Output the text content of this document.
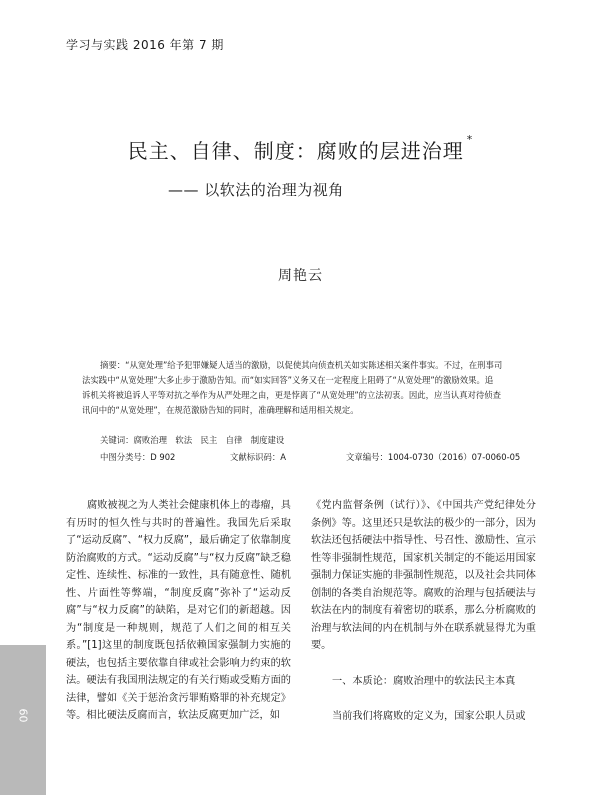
学习与实践 2016 年第 7 期
民主、自律、制度：腐败的层进治理 *
—— 以软法的治理为视角
周艳云
摘要：“从宽处理”给予犯罪嫌疑人适当的激励，以促使其向侦查机关如实陈述相关案件事实。不过，在刑事司
法实践中“从宽处理”大多止步于激励告知。而“如实回答”义务又在一定程度上阻碍了“从宽处理”的激励效果。追
诉机关将被追诉人平等对抗之举作为从严处理之由，更是悖离了“从宽处理”的立法初衷。因此，应当认真对待侦查
讯问中的“从宽处理”，在规范激励告知的同时，准确理解和适用相关规定。
关键词：腐败治理　软法　民主　自律　制度建设
中图分类号：D 902	文献标识码：A	文章编号：1004-0730（2016）07-0060-05

腐败被视之为人类社会健康机体上的毒瘤，具有历时的恒久性与共时的普遍性。我国先后采取了“运动反腐”、“权力反腐”，最后确定了依靠制度防治腐败的方式。“运动反腐”与“权力反腐”缺乏稳定性、连续性、标准的一致性，具有随意性、随机性、片面性等弊端，“制度反腐”弥补了“运动反腐”与“权力反腐”的缺陷，是对它们的新超越。因为“制度是一种规则，规范了人们之间的相互关系。”[1]这里的制度既包括依赖国家强制力实施的硬法，也包括主要依靠自律或社会影响力约束的软法。硬法有我国刑法规定的有关行贿或受贿方面的法律，譬如《关于惩治贪污罪贿赂罪的补充规定》等。相比硬法反腐而言，软法反腐更加广泛，如

《党内监督条例（试行）》、《中国共产党纪律处分条例》等。这里还只是软法的极少的一部分，因为软法还包括硬法中指导性、号召性、激励性、宣示性等非强制性规范，国家机关制定的不能运用国家强制力保证实施的非强制性规范，以及社会共同体创制的各类自治规范等。腐败的治理与包括硬法与软法在内的制度有着密切的联系，那么分析腐败的治理与软法间的内在机制与外在联系就显得尤为重要。

一、本质论：腐败治理中的软法民主本真

当前我们将腐败的定义为，国家公职人员或

60
